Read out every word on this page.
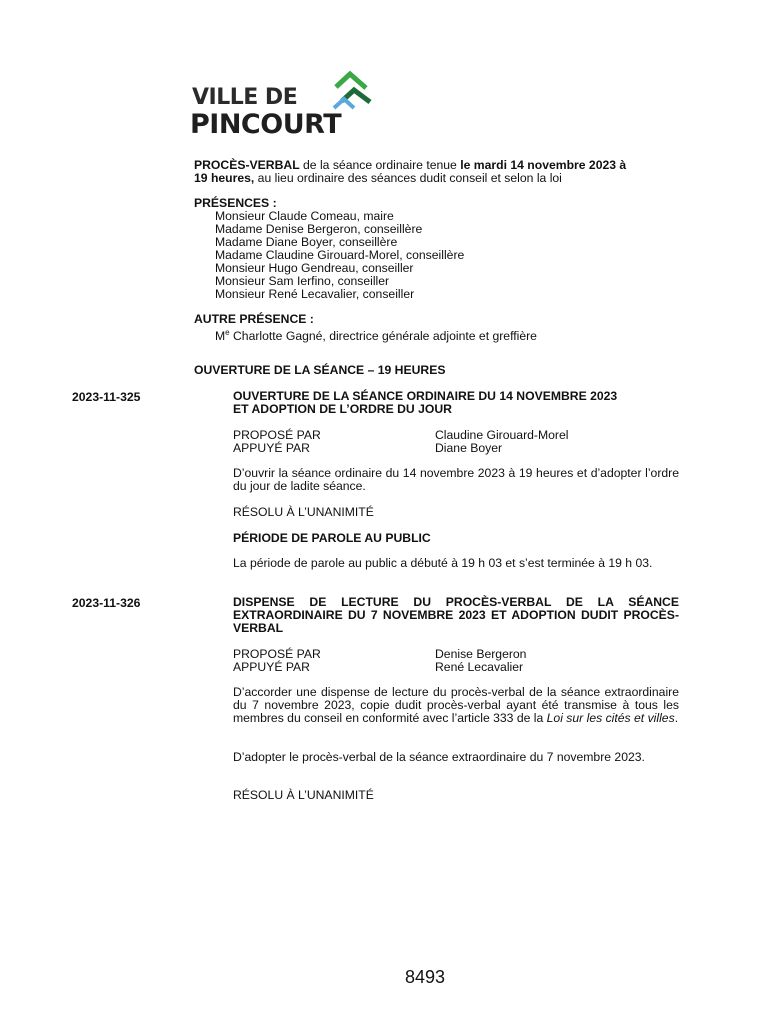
VILLE DE
PINCOURT
PROCÈS-VERBAL de la séance ordinaire tenue le mardi 14 novembre 2023 à
19 heures, au lieu ordinaire des séances dudit conseil et selon la loi
PRÉSENCES :
Monsieur Claude Comeau, maire
Madame Denise Bergeron, conseillère
Madame Diane Boyer, conseillère
Madame Claudine Girouard-Morel, conseillère
Monsieur Hugo Gendreau, conseiller
Monsieur Sam Ierfino, conseiller
Monsieur René Lecavalier, conseiller
AUTRE PRÉSENCE :
Me Charlotte Gagné, directrice générale adjointe et greffière
OUVERTURE DE LA SÉANCE – 19 HEURES
2023-11-325	OUVERTURE DE LA SÉANCE ORDINAIRE DU 14 NOVEMBRE 2023
ET ADOPTION DE L’ORDRE DU JOUR
PROPOSÉ PAR	Claudine Girouard-Morel
APPUYÉ PAR	Diane Boyer
D’ouvrir la séance ordinaire du 14 novembre 2023 à 19 heures et d’adopter l’ordre du jour de ladite séance.
RÉSOLU À L’UNANIMITÉ
PÉRIODE DE PAROLE AU PUBLIC
La période de parole au public a débuté à 19 h 03 et s’est terminée à 19 h 03.
2023-11-326	DISPENSE DE LECTURE DU PROCÈS-VERBAL DE LA SÉANCE EXTRAORDINAIRE DU 7 NOVEMBRE 2023 ET ADOPTION DUDIT PROCÈS-VERBAL
PROPOSÉ PAR	Denise Bergeron
APPUYÉ PAR	René Lecavalier
D’accorder une dispense de lecture du procès-verbal de la séance extraordinaire du 7 novembre 2023, copie dudit procès-verbal ayant été transmise à tous les membres du conseil en conformité avec l’article 333 de la Loi sur les cités et villes.
D’adopter le procès-verbal de la séance extraordinaire du 7 novembre 2023.
RÉSOLU À L’UNANIMITÉ
8493
